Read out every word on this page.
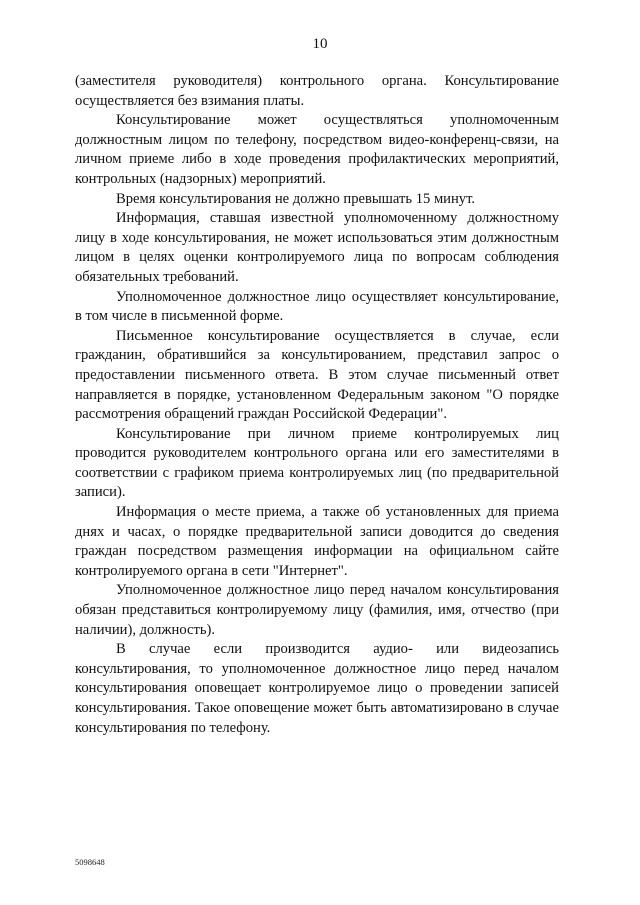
10

(заместителя руководителя) контрольного органа. Консультирование осуществляется без взимания платы.

Консультирование может осуществляться уполномоченным должностным лицом по телефону, посредством видео-конференц-связи, на личном приеме либо в ходе проведения профилактических мероприятий, контрольных (надзорных) мероприятий.

Время консультирования не должно превышать 15 минут.

Информация, ставшая известной уполномоченному должностному лицу в ходе консультирования, не может использоваться этим должностным лицом в целях оценки контролируемого лица по вопросам соблюдения обязательных требований.

Уполномоченное должностное лицо осуществляет консультирование, в том числе в письменной форме.

Письменное консультирование осуществляется в случае, если гражданин, обратившийся за консультированием, представил запрос о предоставлении письменного ответа. В этом случае письменный ответ направляется в порядке, установленном Федеральным законом "О порядке рассмотрения обращений граждан Российской Федерации".

Консультирование при личном приеме контролируемых лиц проводится руководителем контрольного органа или его заместителями в соответствии с графиком приема контролируемых лиц (по предварительной записи).

Информация о месте приема, а также об установленных для приема днях и часах, о порядке предварительной записи доводится до сведения граждан посредством размещения информации на официальном сайте контролируемого органа в сети "Интернет".

Уполномоченное должностное лицо перед началом консультирования обязан представиться контролируемому лицу (фамилия, имя, отчество (при наличии), должность).

В случае если производится аудио- или видеозапись консультирования, то уполномоченное должностное лицо перед началом консультирования оповещает контролируемое лицо о проведении записей консультирования. Такое оповещение может быть автоматизировано в случае консультирования по телефону.

5098648
